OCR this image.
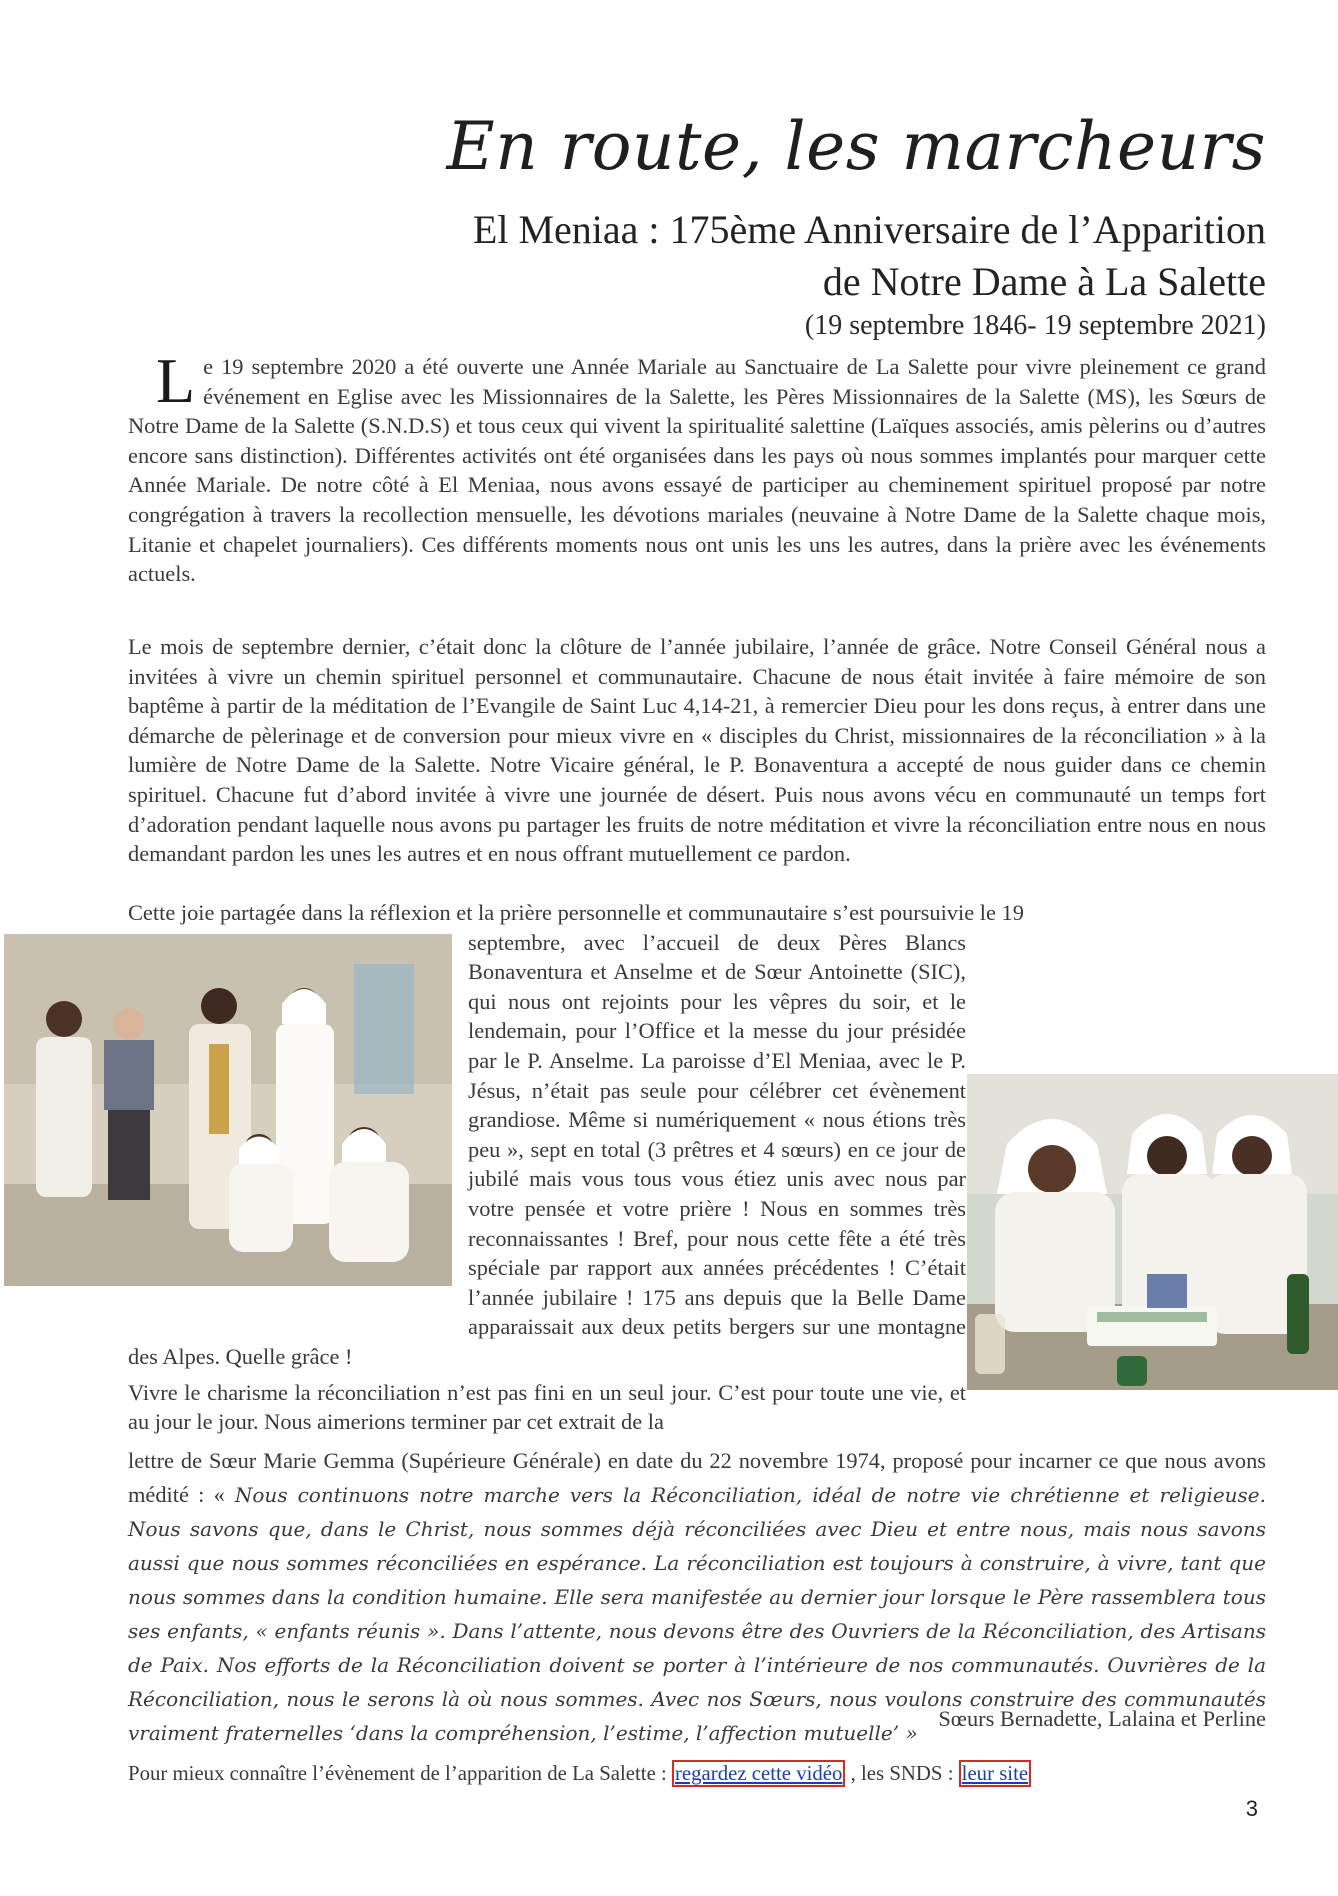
En route, les marcheurs
El Meniaa : 175ème Anniversaire de l’Apparition
de Notre Dame à La Salette
(19 septembre 1846- 19 septembre 2021)

Le 19 septembre 2020 a été ouverte une Année Mariale au Sanctuaire de La Salette pour vivre pleinement ce grand événement en Eglise avec les Missionnaires de la Salette, les Pères Missionnaires de la Salette (MS), les Sœurs de Notre Dame de la Salette (S.N.D.S) et tous ceux qui vivent la spiritualité salettine (Laïques associés, amis pèlerins ou d’autres encore sans distinction). Différentes activités ont été organisées dans les pays où nous sommes implantés pour marquer cette Année Mariale. De notre côté à El Meniaa, nous avons essayé de participer au cheminement spirituel proposé par notre congrégation à travers la recollection mensuelle, les dévotions mariales (neuvaine à Notre Dame de la Salette chaque mois, Litanie et chapelet journaliers). Ces différents moments nous ont unis les uns les autres, dans la prière avec les événements actuels.

Le mois de septembre dernier, c’était donc la clôture de l’année jubilaire, l’année de grâce. Notre Conseil Général nous a invitées à vivre un chemin spirituel personnel et communautaire. Chacune de nous était invitée à faire mémoire de son baptême à partir de la méditation de l’Evangile de Saint Luc 4,14-21, à remercier Dieu pour les dons reçus, à entrer dans une démarche de pèlerinage et de conversion pour mieux vivre en « disciples du Christ, missionnaires de la réconciliation » à la lumière de Notre Dame de la Salette. Notre Vicaire général, le P. Bonaventura a accepté de nous guider dans ce chemin spirituel. Chacune fut d’abord invitée à vivre une journée de désert. Puis nous avons vécu en communauté un temps fort d’adoration pendant laquelle nous avons pu partager les fruits de notre méditation et vivre la réconciliation entre nous en nous demandant pardon les unes les autres et en nous offrant mutuellement ce pardon.

Cette joie partagée dans la réflexion et la prière personnelle et communautaire s’est poursuivie le 19

septembre, avec l’accueil de deux Pères Blancs Bonaventura et Anselme et de Sœur Antoinette (SIC), qui nous ont rejoints pour les vêpres du soir, et le lendemain, pour l’Office et la messe du jour présidée par le P. Anselme. La paroisse d’El Meniaa, avec le P. Jésus, n’était pas seule pour célébrer cet évènement grandiose. Même si numériquement « nous étions très peu », sept en total (3 prêtres et 4 sœurs) en ce jour de jubilé mais vous tous vous étiez unis avec nous par votre pensée et votre prière ! Nous en sommes très reconnaissantes ! Bref, pour nous cette fête a été très spéciale par rapport aux années précédentes ! C’était l’année jubilaire ! 175 ans depuis que la Belle Dame apparaissait aux deux petits bergers sur une montagne des Alpes. Quelle grâce !

Vivre le charisme la réconciliation n’est pas fini en un seul jour. C’est pour toute une vie, et au jour le jour. Nous aimerions terminer par cet extrait de la

lettre de Sœur Marie Gemma (Supérieure Générale) en date du 22 novembre 1974, proposé pour incarner ce que nous avons médité : « Nous continuons notre marche vers la Réconciliation, idéal de notre vie chrétienne et religieuse. Nous savons que, dans le Christ, nous sommes déjà réconciliées avec Dieu et entre nous, mais nous savons aussi que nous sommes réconciliées en espérance. La réconciliation est toujours à construire, à vivre, tant que nous sommes dans la condition humaine. Elle sera manifestée au dernier jour lorsque le Père rassemblera tous ses enfants, « enfants réunis ». Dans l’attente, nous devons être des Ouvriers de la Réconciliation, des Artisans de Paix. Nos efforts de la Réconciliation doivent se porter à l’intérieure de nos communautés. Ouvrières de la Réconciliation, nous le serons là où nous sommes. Avec nos Sœurs, nous voulons construire des communautés vraiment fraternelles ‘dans la compréhension, l’estime, l’affection mutuelle’ »

Sœurs Bernadette, Lalaina et Perline
Pour mieux connaître l’évènement de l’apparition de La Salette : regardez cette vidéo , les SNDS : leur site
3
